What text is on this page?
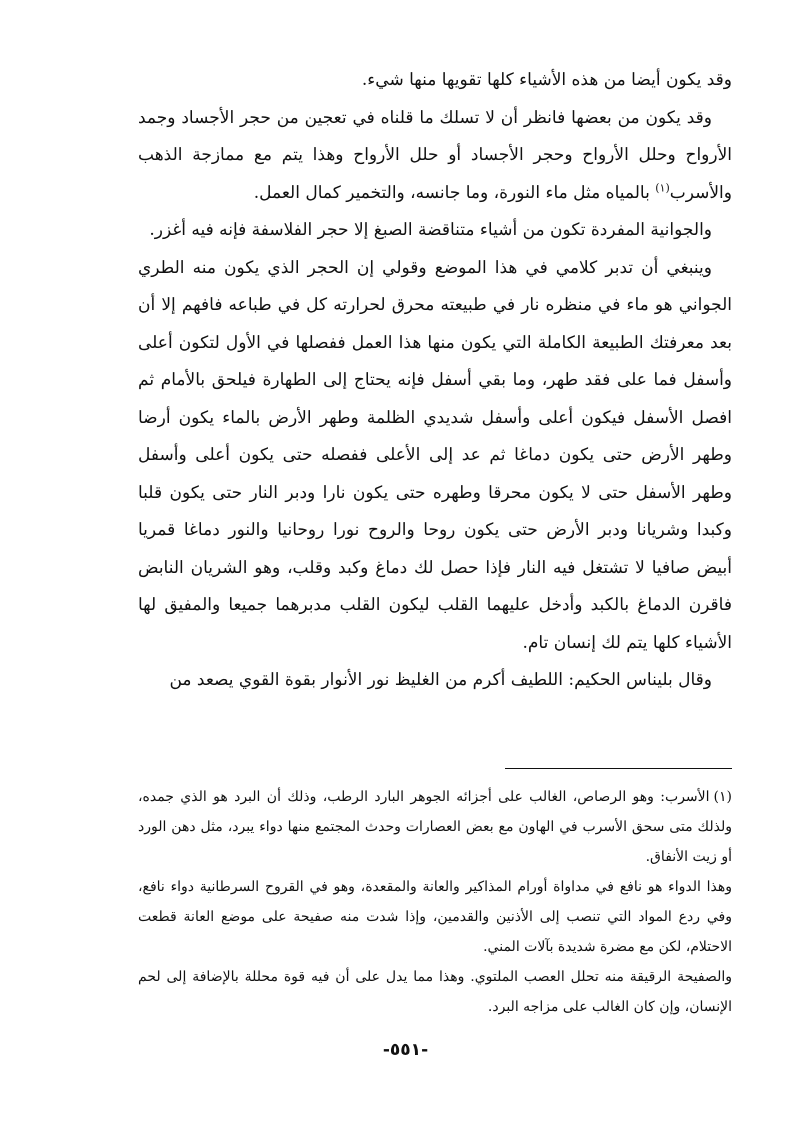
وقد يكون أيضا من هذه الأشياء كلها تقويها منها شيء.

وقد يكون من بعضها فانظر أن لا تسلك ما قلناه في تعجين من حجر الأجساد وجمد الأرواح وحلل الأرواح وحجر الأجساد أو حلل الأرواح وهذا يتم مع ممازجة الذهب والأسرب$^{(١)}$ بالمياه مثل ماء النورة، وما جانسه، والتخمير كمال العمل.

والجوانية المفردة تكون من أشياء متناقضة الصبغ إلا حجر الفلاسفة فإنه فيه أغزر.

وينبغي أن تدبر كلامي في هذا الموضع وقولي إن الحجر الذي يكون منه الطري الجواني هو ماء في منظره نار في طبيعته محرق لحرارته كل في طباعه فافهم إلا أن بعد معرفتك الطبيعة الكاملة التي يكون منها هذا العمل ففصلها في الأول لتكون أعلى وأسفل فما على فقد طهر، وما بقي أسفل فإنه يحتاج إلى الطهارة فيلحق بالأمام ثم افصل الأسفل فيكون أعلى وأسفل شديدي الظلمة وطهر الأرض بالماء يكون أرضا وطهر الأرض حتى يكون دماغا ثم عد إلى الأعلى ففصله حتى يكون أعلى وأسفل وطهر الأسفل حتى لا يكون محرقا وطهره حتى يكون نارا ودبر النار حتى يكون قلبا وكبدا وشريانا ودبر الأرض حتى يكون روحا والروح نورا روحانيا والنور دماغا قمريا أبيض صافيا لا تشتغل فيه النار فإذا حصل لك دماغ وكبد وقلب، وهو الشريان النابض فاقرن الدماغ بالكبد وأدخل عليهما القلب ليكون القلب مدبرهما جميعا والمفيق لها الأشياء كلها يتم لك إنسان تام.

وقال بليناس الحكيم: اللطيف أكرم من الغليظ نور الأنوار بقوة القوي يصعد من

(١)الأسرب: وهو الرصاص، الغالب على أجزائه الجوهر البارد الرطب، وذلك أن البرد هو الذي جمده، ولذلك متى سحق الأسرب في الهاون مع بعض العصارات وحدث المجتمع منها دواء يبرد، مثل دهن الورد أو زيت الأنفاق.

وهذا الدواء هو نافع في مداواة أورام المذاكير والعانة والمقعدة، وهو في القروح السرطانية دواء نافع، وفي ردع المواد التي تنصب إلى الأذنين والقدمين، وإذا شدت منه صفيحة على موضع العانة قطعت الاحتلام، لكن مع مضرة شديدة بآلات المني.

والصفيحة الرقيقة منه تحلل العصب الملتوي. وهذا مما يدل على أن فيه قوة محللة بالإضافة إلى لحم الإنسان، وإن كان الغالب على مزاجه البرد.

-٥٥١-
